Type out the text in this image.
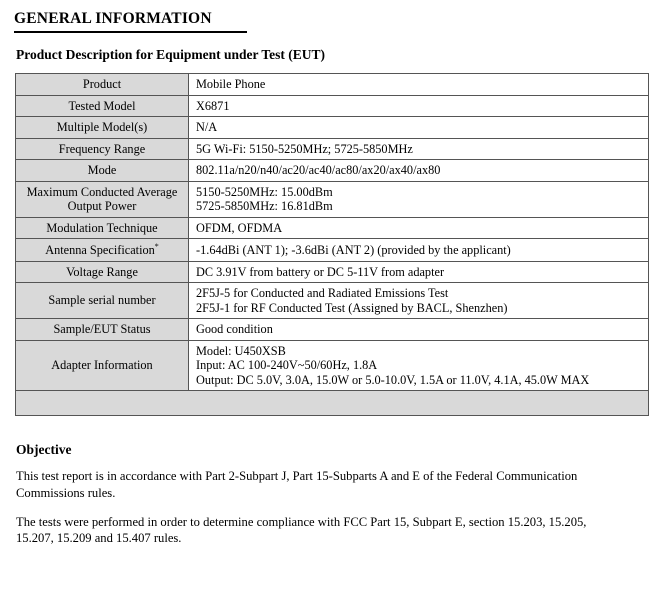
GENERAL INFORMATION
Product Description for Equipment under Test (EUT)
Product	Mobile Phone

Tested Model	X6871

Multiple Model(s)	N/A

Frequency Range	5G Wi-Fi: 5150-5250MHz; 5725-5850MHz

Mode	802.11a/n20/n40/ac20/ac40/ac80/ax20/ax40/ax80

Maximum Conducted Average Output Power	5150-5250MHz: 15.00dBm
5725-5850MHz: 16.81dBm

Modulation Technique	OFDM, OFDMA

Antenna Specification*	-1.64dBi (ANT 1); -3.6dBi (ANT 2) (provided by the applicant)

Voltage Range	DC 3.91V from battery or DC 5-11V from adapter

Sample serial number	2F5J-5 for Conducted and Radiated Emissions Test
2F5J-1 for RF Conducted Test (Assigned by BACL, Shenzhen)

Sample/EUT Status	Good condition

Adapter Information	Model: U450XSB
Input: AC 100-240V~50/60Hz, 1.8A
Output: DC 5.0V, 3.0A, 15.0W or 5.0-10.0V, 1.5A or 11.0V, 4.1A, 45.0W MAX

Objective

This test report is in accordance with Part 2-Subpart J, Part 15-Subparts A and E of the Federal Communication Commissions rules.

The tests were performed in order to determine compliance with FCC Part 15, Subpart E, section 15.203, 15.205, 15.207, 15.209 and 15.407 rules.
